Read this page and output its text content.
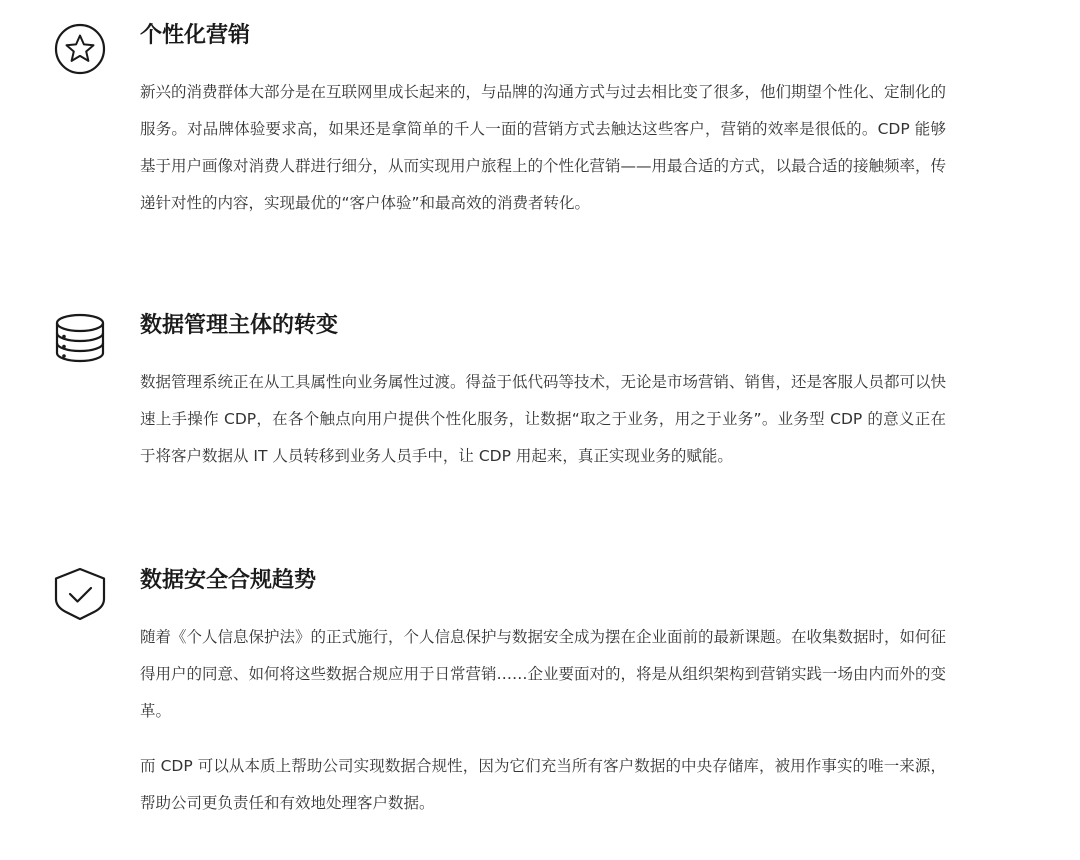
个性化营销

新兴的消费群体大部分是在互联网里成长起来的，与品牌的沟通方式与过去相比变了很多，他们期望个性化、定制化的服务。对品牌体验要求高，如果还是拿简单的千人一面的营销方式去触达这些客户，营销的效率是很低的。CDP 能够基于用户画像对消费人群进行细分，从而实现用户旅程上的个性化营销——用最合适的方式，以最合适的接触频率，传递针对性的内容，实现最优的“客户体验”和最高效的消费者转化。

数据管理主体的转变

数据管理系统正在从工具属性向业务属性过渡。得益于低代码等技术，无论是市场营销、销售，还是客服人员都可以快速上手操作 CDP，在各个触点向用户提供个性化服务，让数据“取之于业务，用之于业务”。业务型 CDP 的意义正在于将客户数据从 IT 人员转移到业务人员手中，让 CDP 用起来，真正实现业务的赋能。

数据安全合规趋势

随着《个人信息保护法》的正式施行，个人信息保护与数据安全成为摆在企业面前的最新课题。在收集数据时，如何征得用户的同意、如何将这些数据合规应用于日常营销……企业要面对的，将是从组织架构到营销实践一场由内而外的变革。

而 CDP 可以从本质上帮助公司实现数据合规性，因为它们充当所有客户数据的中央存储库，被用作事实的唯一来源，帮助公司更负责任和有效地处理客户数据。
